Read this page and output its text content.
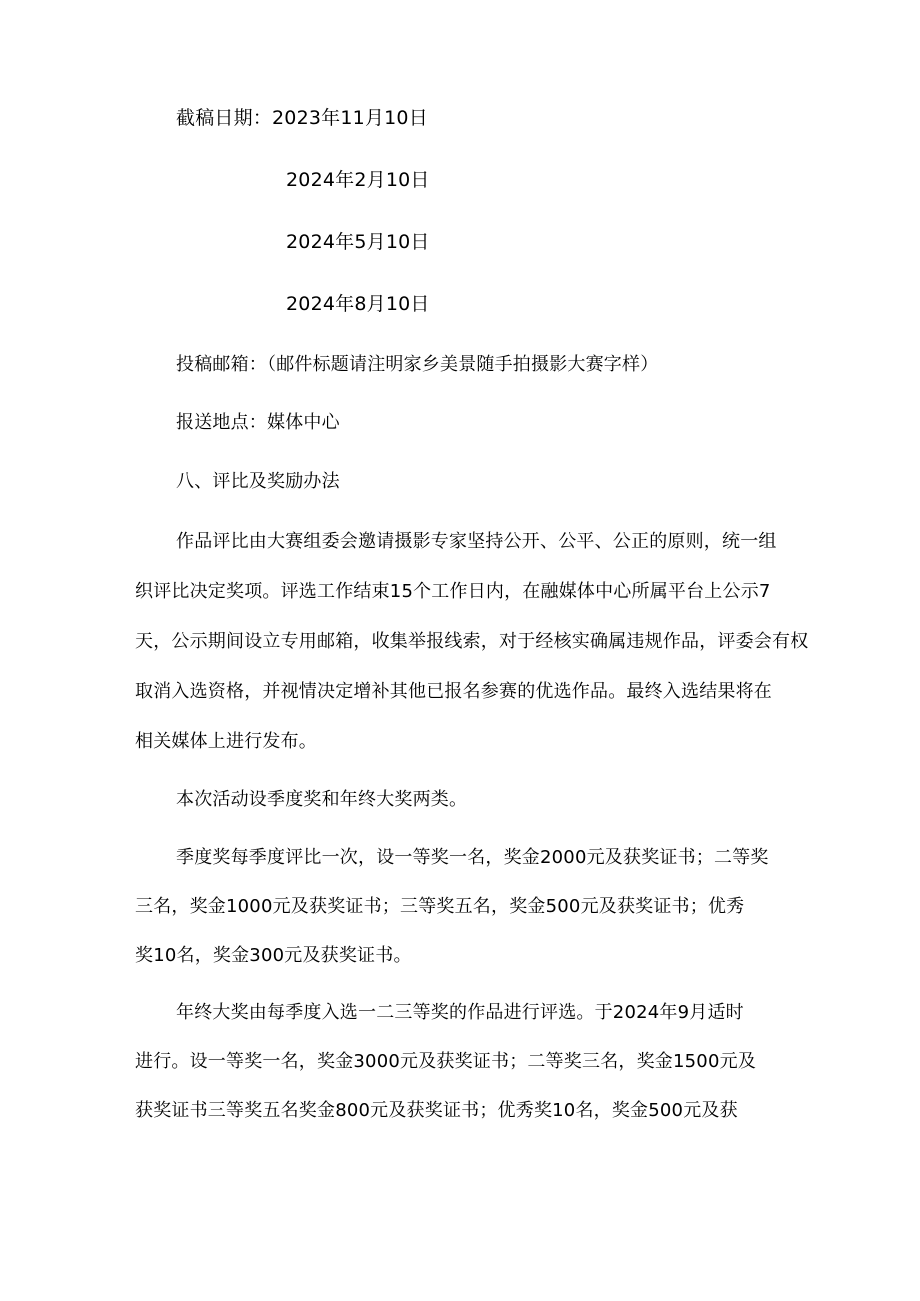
截稿日期：2023年11月10日
2024年2月10日
2024年5月10日
2024年8月10日
投稿邮箱：（邮件标题请注明家乡美景随手拍摄影大赛字样）
报送地点：媒体中心
八、评比及奖励办法
作品评比由大赛组委会邀请摄影专家坚持公开、公平、公正的原则，统一组
织评比决定奖项。评选工作结束15个工作日内，在融媒体中心所属平台上公示7
天，公示期间设立专用邮箱，收集举报线索，对于经核实确属违规作品，评委会有权
取消入选资格，并视情决定增补其他已报名参赛的优选作品。最终入选结果将在
相关媒体上进行发布。
本次活动设季度奖和年终大奖两类。
季度奖每季度评比一次，设一等奖一名，奖金2000元及获奖证书；二等奖
三名，奖金1000元及获奖证书；三等奖五名，奖金500元及获奖证书；优秀
奖10名，奖金300元及获奖证书。
年终大奖由每季度入选一二三等奖的作品进行评选。于2024年9月适时
进行。设一等奖一名，奖金3000元及获奖证书；二等奖三名，奖金1500元及
获奖证书三等奖五名奖金800元及获奖证书；优秀奖10名，奖金500元及获
